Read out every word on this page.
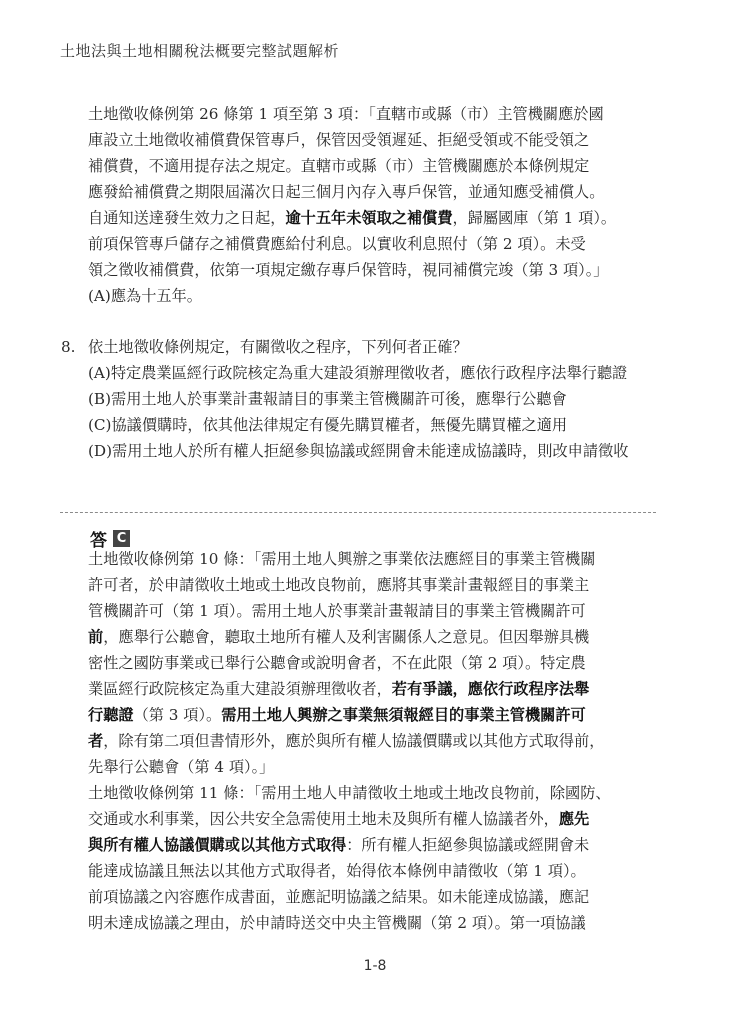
土地法與土地相關稅法概要完整試題解析

土地徵收條例第 26 條第 1 項至第 3 項：「直轄市或縣（市）主管機關應於國

庫設立土地徵收補償費保管專戶，保管因受領遲延、拒絕受領或不能受領之

補償費，不適用提存法之規定。直轄市或縣（市）主管機關應於本條例規定

應發給補償費之期限屆滿次日起三個月內存入專戶保管，並通知應受補償人。

自通知送達發生效力之日起，逾十五年未領取之補償費，歸屬國庫（第 1 項）。

前項保管專戶儲存之補償費應給付利息。以實收利息照付（第 2 項）。未受

領之徵收補償費，依第一項規定繳存專戶保管時，視同補償完竣（第 3 項）。」

(A)應為十五年。

8. 依土地徵收條例規定，有關徵收之程序，下列何者正確？
(A) 特定農業區經行政院核定為重大建設須辦理徵收者，應依行政程序法舉行聽證
(B) 需用土地人於事業計畫報請目的事業主管機關許可後，應舉行公聽會
(C) 協議價購時，依其他法律規定有優先購買權者，無優先購買權之適用
(D) 需用土地人於所有權人拒絕參與協議或經開會未能達成協議時，則改申請徵收
答 C

土地徵收條例第 10 條：「需用土地人興辦之事業依法應經目的事業主管機關

許可者，於申請徵收土地或土地改良物前，應將其事業計畫報經目的事業主

管機關許可（第 1 項）。需用土地人於事業計畫報請目的事業主管機關許可

前，應舉行公聽會，聽取土地所有權人及利害關係人之意見。但因舉辦具機

密性之國防事業或已舉行公聽會或說明會者，不在此限（第 2 項）。特定農

業區經行政院核定為重大建設須辦理徵收者，若有爭議，應依行政程序法舉

行聽證（第 3 項）。需用土地人興辦之事業無須報經目的事業主管機關許可

者，除有第二項但書情形外，應於與所有權人協議價購或以其他方式取得前，

先舉行公聽會（第 4 項）。」

土地徵收條例第 11 條：「需用土地人申請徵收土地或土地改良物前，除國防、

交通或水利事業，因公共安全急需使用土地未及與所有權人協議者外，應先

與所有權人協議價購或以其他方式取得：所有權人拒絕參與協議或經開會未

能達成協議且無法以其他方式取得者，始得依本條例申請徵收（第 1 項）。

前項協議之內容應作成書面，並應記明協議之結果。如未能達成協議，應記

明未達成協議之理由，於申請時送交中央主管機關（第 2 項）。第一項協議

1-8
